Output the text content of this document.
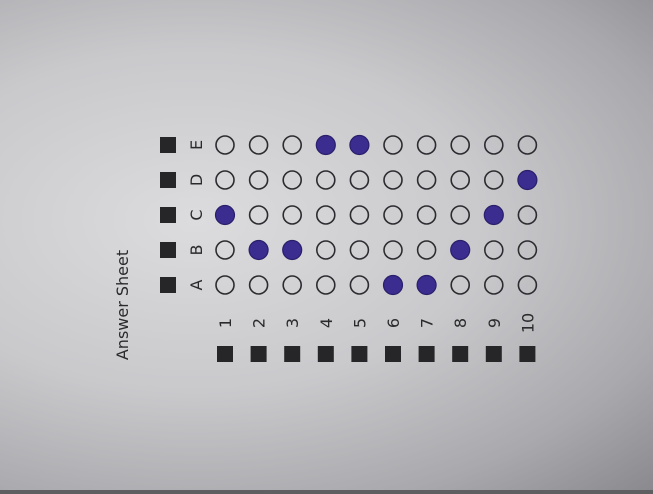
Answer Sheet	A
B
C
D
E
1 2 3 4 5 6 7 8 9 10
